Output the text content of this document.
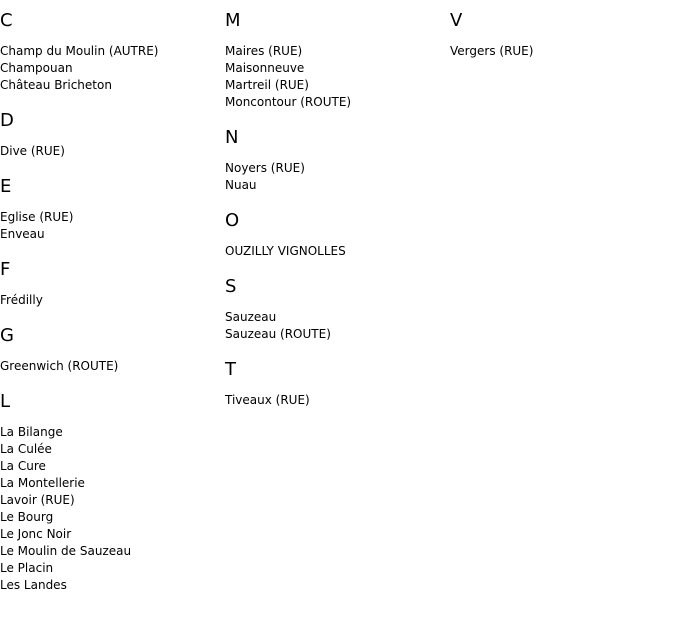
C
Champ du Moulin (AUTRE)
Champouan
Château Bricheton
D
Dive (RUE)
E
Eglise (RUE)
Enveau
F
Frédilly
G
Greenwich (ROUTE)
L
La Bilange
La Culée
La Cure
La Montellerie
Lavoir (RUE)
Le Bourg
Le Jonc Noir
Le Moulin de Sauzeau
Le Placin
Les Landes
M
Maires (RUE)
Maisonneuve
Martreil (RUE)
Moncontour (ROUTE)
N
Noyers (RUE)
Nuau
O
OUZILLY VIGNOLLES
S
Sauzeau
Sauzeau (ROUTE)
T
Tiveaux (RUE)
V
Vergers (RUE)
